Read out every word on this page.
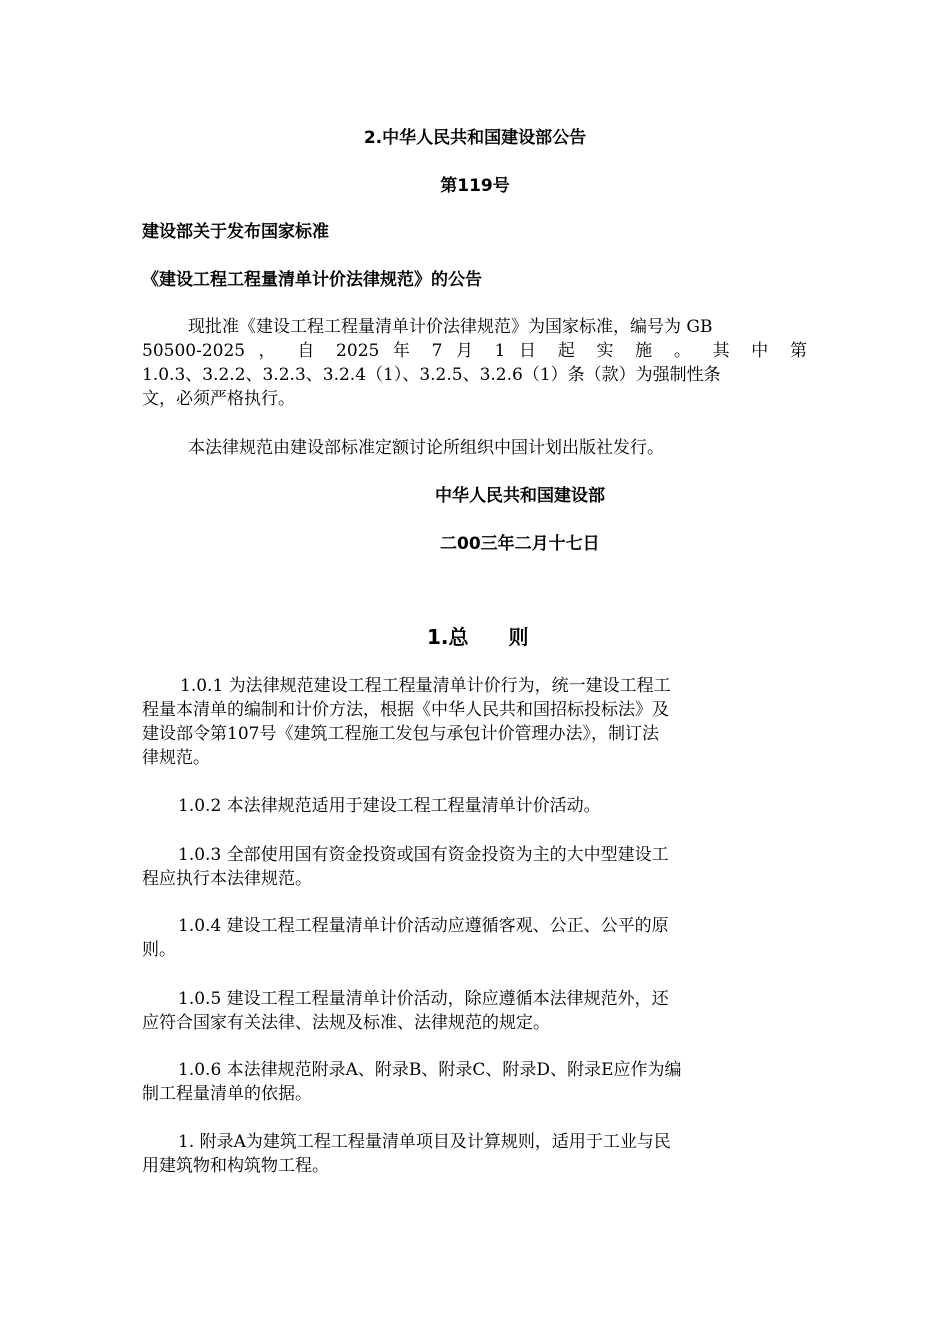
2.中华人民共和国建设部公告
第119号
建设部关于发布国家标准
《建设工程工程量清单计价法律规范》的公告
现批准《建设工程工程量清单计价法律规范》为国家标准，编号为 GB
50500-2025 ， 自 2025 年 7 月 1 日 起 实 施 。 其 中 第
1.0.3、3.2.2、3.2.3、3.2.4（1）、3.2.5、3.2.6（1）条（款）为强制性条
文，必须严格执行。
本法律规范由建设部标准定额讨论所组织中国计划出版社发行。
中华人民共和国建设部
二00三年二月十七日
1.总　　则
1.0.1 为法律规范建设工程工程量清单计价行为，统一建设工程工
程量本清单的编制和计价方法，根据《中华人民共和国招标投标法》及
建设部令第107号《建筑工程施工发包与承包计价管理办法》，制订法
律规范。
1.0.2 本法律规范适用于建设工程工程量清单计价活动。
1.0.3 全部使用国有资金投资或国有资金投资为主的大中型建设工
程应执行本法律规范。
1.0.4 建设工程工程量清单计价活动应遵循客观、公正、公平的原
则。
1.0.5 建设工程工程量清单计价活动，除应遵循本法律规范外，还
应符合国家有关法律、法规及标准、法律规范的规定。
1.0.6 本法律规范附录A、附录B、附录C、附录D、附录E应作为编
制工程量清单的依据。
1. 附录A为建筑工程工程量清单项目及计算规则，适用于工业与民
用建筑物和构筑物工程。
